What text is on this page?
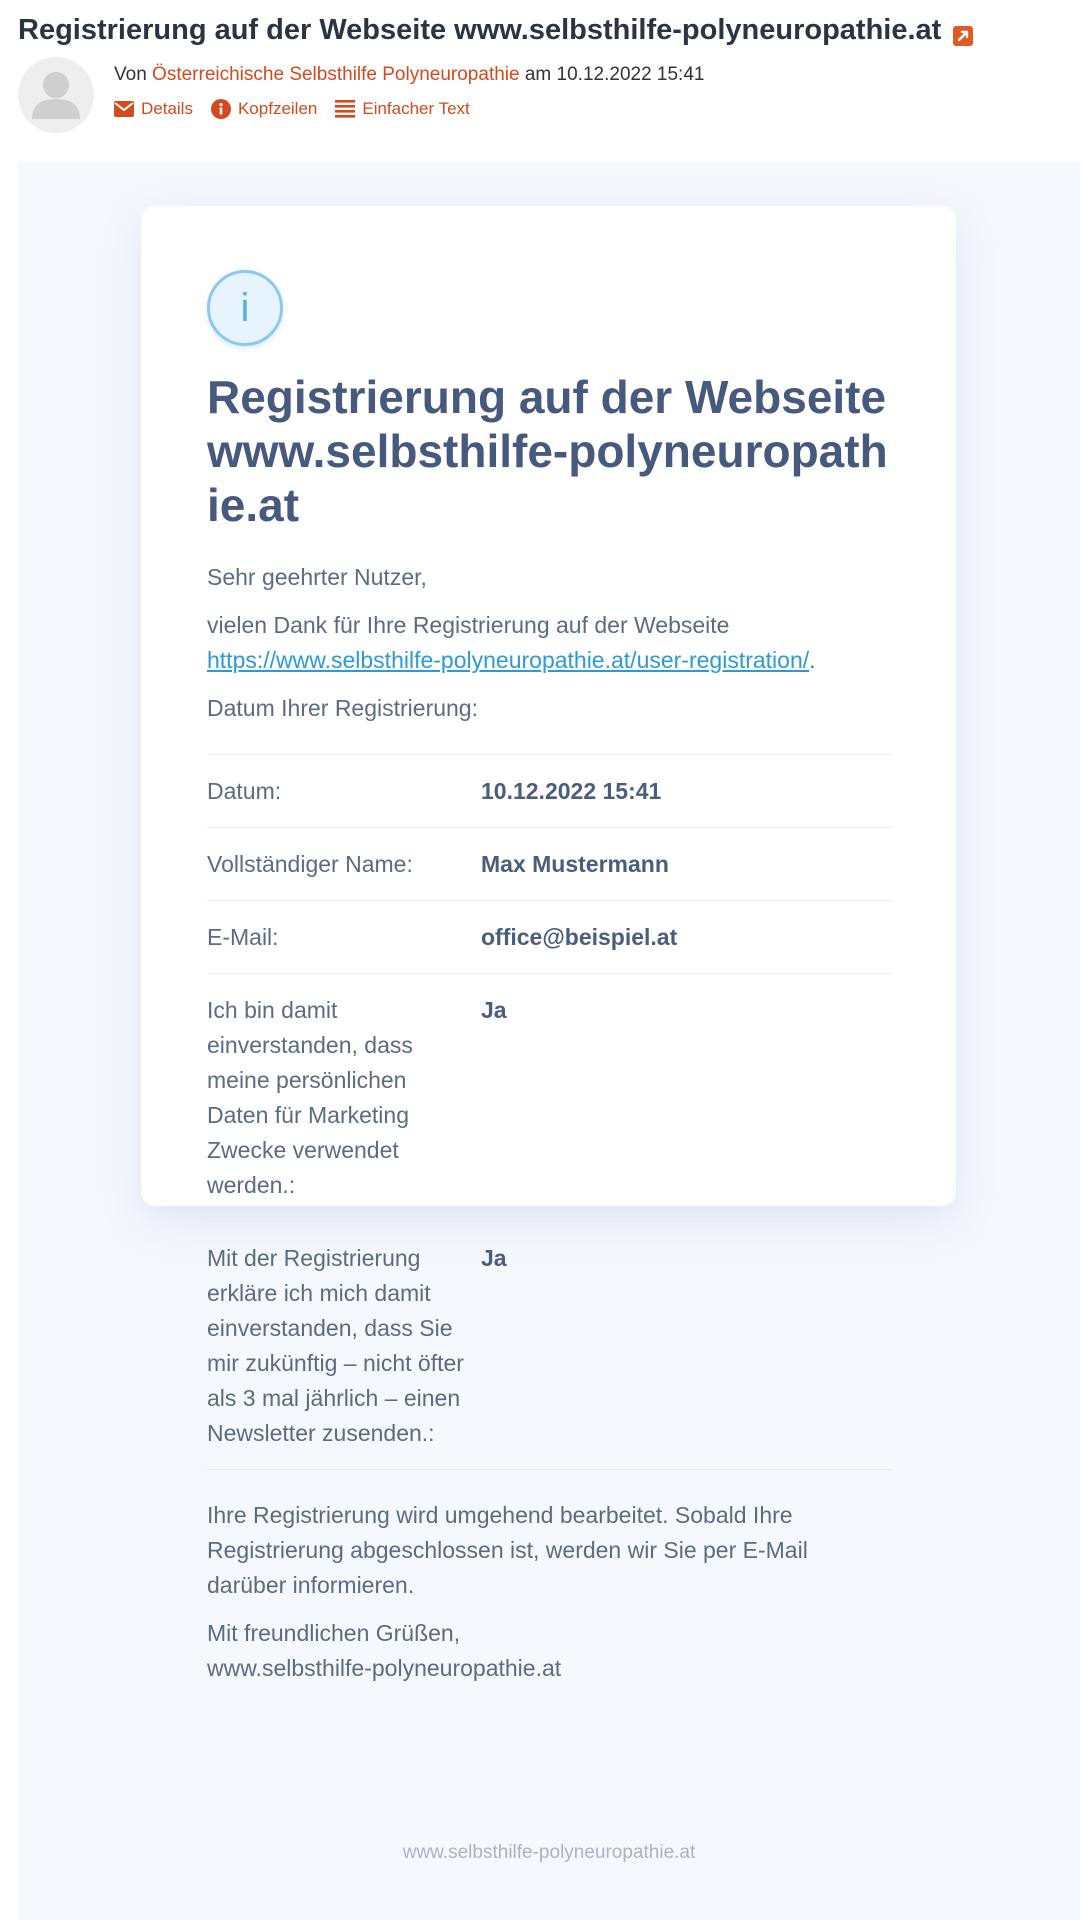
Registrierung auf der Webseite www.selbsthilfe-polyneuropathie.at
Von Österreichische Selbsthilfe Polyneuropathie am 10.12.2022 15:41
Details	Kopfzeilen	Einfacher Text
i
Registrierung auf der Webseite www.selbsthilfe-polyneuropathie.at

Sehr geehrter Nutzer,

vielen Dank für Ihre Registrierung auf der Webseite
https://www.selbsthilfe-polyneuropathie.at/user-registration/.

Datum Ihrer Registrierung:

Datum:	10.12.2022 15:41
Vollständiger Name:	Max Mustermann
E-Mail:	office@beispiel.at
Ich bin damit einverstanden, dass meine persönlichen Daten für Marketing Zwecke verwendet werden.:
Ja
Mit der Registrierung erkläre ich mich damit einverstanden, dass Sie mir zukünftig – nicht öfter als 3 mal jährlich – einen Newsletter zusenden.:
Ja

Ihre Registrierung wird umgehend bearbeitet. Sobald Ihre Registrierung abgeschlossen ist, werden wir Sie per E-Mail darüber informieren.

Mit freundlichen Grüßen,
www.selbsthilfe-polyneuropathie.at

www.selbsthilfe-polyneuropathie.at
